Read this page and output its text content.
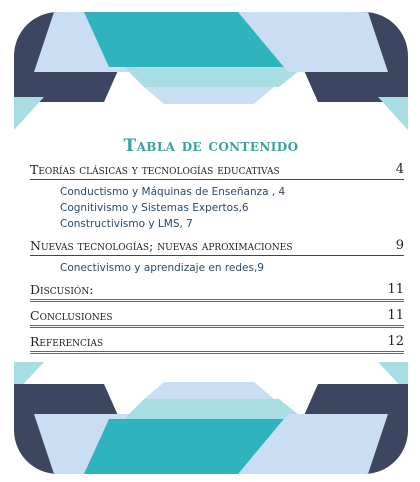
Tabla de contenido
Teorías clásicas y tecnologías educativas	4
Conductismo y Máquinas de Enseñanza , 4
Cognitivismo y Sistemas Expertos,6
Constructivismo y LMS, 7
Nuevas tecnologías; nuevas aproximaciones	9
Conectivismo y aprendizaje en redes,9
Discusión:	11
Conclusiones	11
Referencias	12
